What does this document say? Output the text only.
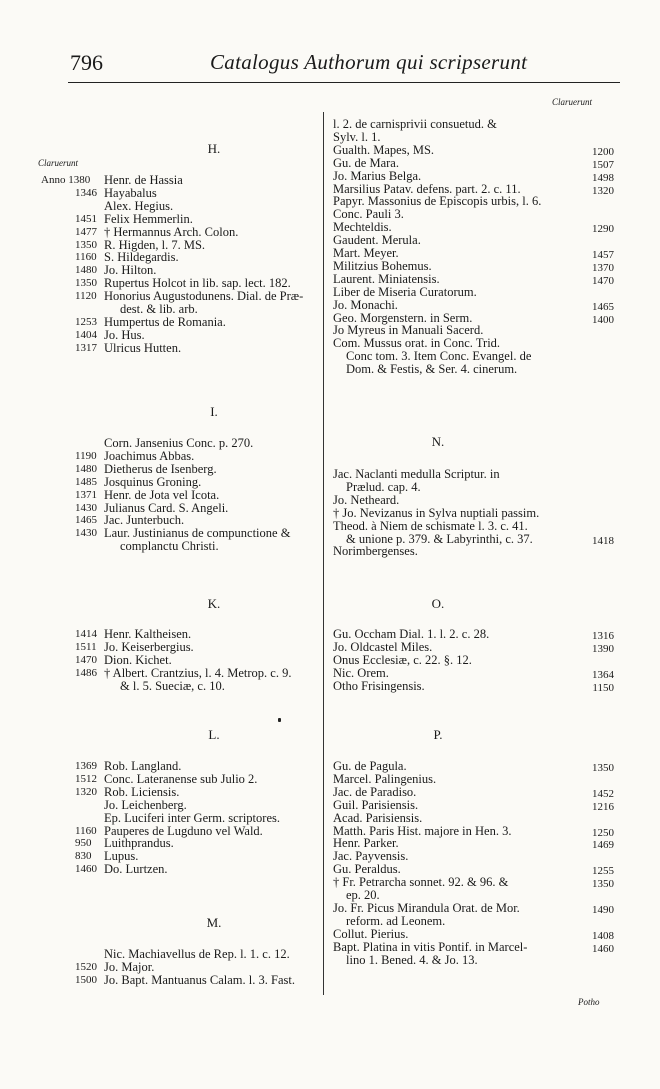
796	Catalogus Authorum qui scripserunt
Claruerunt
Claruerunt
Potho
H.
Anno 1380 Henr. de Hassia
1346 Hayabalus
Alex. Hegius.
1451 Felix Hemmerlin.
1477 † Hermannus Arch. Colon.
1350 R. Higden, l. 7. MS.
1160 S. Hildegardis.
1480 Jo. Hilton.
1350 Rupertus Holcot in lib. sap. lect. 182.
1120 Honorius Augustodunens. Dial. de Præ-
dest. & lib. arb.
1253 Humpertus de Romania.
1404 Jo. Hus.
1317 Ulricus Hutten.
I.
Corn. Jansenius Conc. p. 270.
1190 Joachimus Abbas.
1480 Dietherus de Isenberg.
1485 Josquinus Groning.
1371 Henr. de Jota vel Icota.
1430 Julianus Card. S. Angeli.
1465 Jac. Junterbuch.
1430 Laur. Justinianus de compunctione &
complanctu Christi.
K.
1414 Henr. Kaltheisen.
1511 Jo. Keiserbergius.
1470 Dion. Kichet.
1486 † Albert. Crantzius, l. 4. Metrop. c. 9.
& l. 5. Sueciæ, c. 10.
L.
1369 Rob. Langland.
1512 Conc. Lateranense sub Julio 2.
1320 Rob. Liciensis.
Jo. Leichenberg.
Ep. Luciferi inter Germ. scriptores.
1160 Pauperes de Lugduno vel Wald.
950 Luithprandus.
830 Lupus.
1460 Do. Lurtzen.
M.
Nic. Machiavellus de Rep. l. 1. c. 12.
1520 Jo. Major.
1500 Jo. Bapt. Mantuanus Calam. l. 3. Fast.
l. 2. de carnisprivii consuetud. &
Sylv. l. 1.
Gualth. Mapes, MS.	1200
Gu. de Mara.	1507
Jo. Marius Belga.	1498
Marsilius Patav. defens. part. 2. c. 11.	1320
Papyr. Massonius de Episcopis urbis, l. 6.
Conc. Pauli 3.
Mechteldis.	1290
Gaudent. Merula.
Mart. Meyer.	1457
Militzius Bohemus.	1370
Laurent. Miniatensis.	1470
Liber de Miseria Curatorum.
Jo. Monachi.	1465
Geo. Morgenstern. in Serm.	1400
Jo Myreus in Manuali Sacerd.
Com. Mussus orat. in Conc. Trid.
Conc tom. 3. Item Conc. Evangel. de
Dom. & Festis, & Ser. 4. cinerum.
N.
Jac. Naclanti medulla Scriptur. in
Prælud. cap. 4.
Jo. Netheard.
† Jo. Nevizanus in Sylva nuptiali passim.
Theod. à Niem de schismate l. 3. c. 41.
& unione p. 379. & Labyrinthi, c. 37.	1418
Norimbergenses.
O.
Gu. Occham Dial. 1. l. 2. c. 28.	1316
Jo. Oldcastel Miles.	1390
Onus Ecclesiæ, c. 22. §. 12.
Nic. Orem.	1364
Otho Frisingensis.	1150
P.
Gu. de Pagula.	1350
Marcel. Palingenius.
Jac. de Paradiso.	1452
Guil. Parisiensis.	1216
Acad. Parisiensis.
Matth. Paris Hist. majore in Hen. 3.	1250
Henr. Parker.	1469
Jac. Payvensis.
Gu. Peraldus.	1255
† Fr. Petrarcha sonnet. 92. & 96. &	1350
ep. 20.
Jo. Fr. Picus Mirandula Orat. de Mor.	1490
reform. ad Leonem.
Collut. Pierius.	1408
Bapt. Platina in vitis Pontif. in Marcel-	1460
lino 1. Bened. 4. & Jo. 13.
